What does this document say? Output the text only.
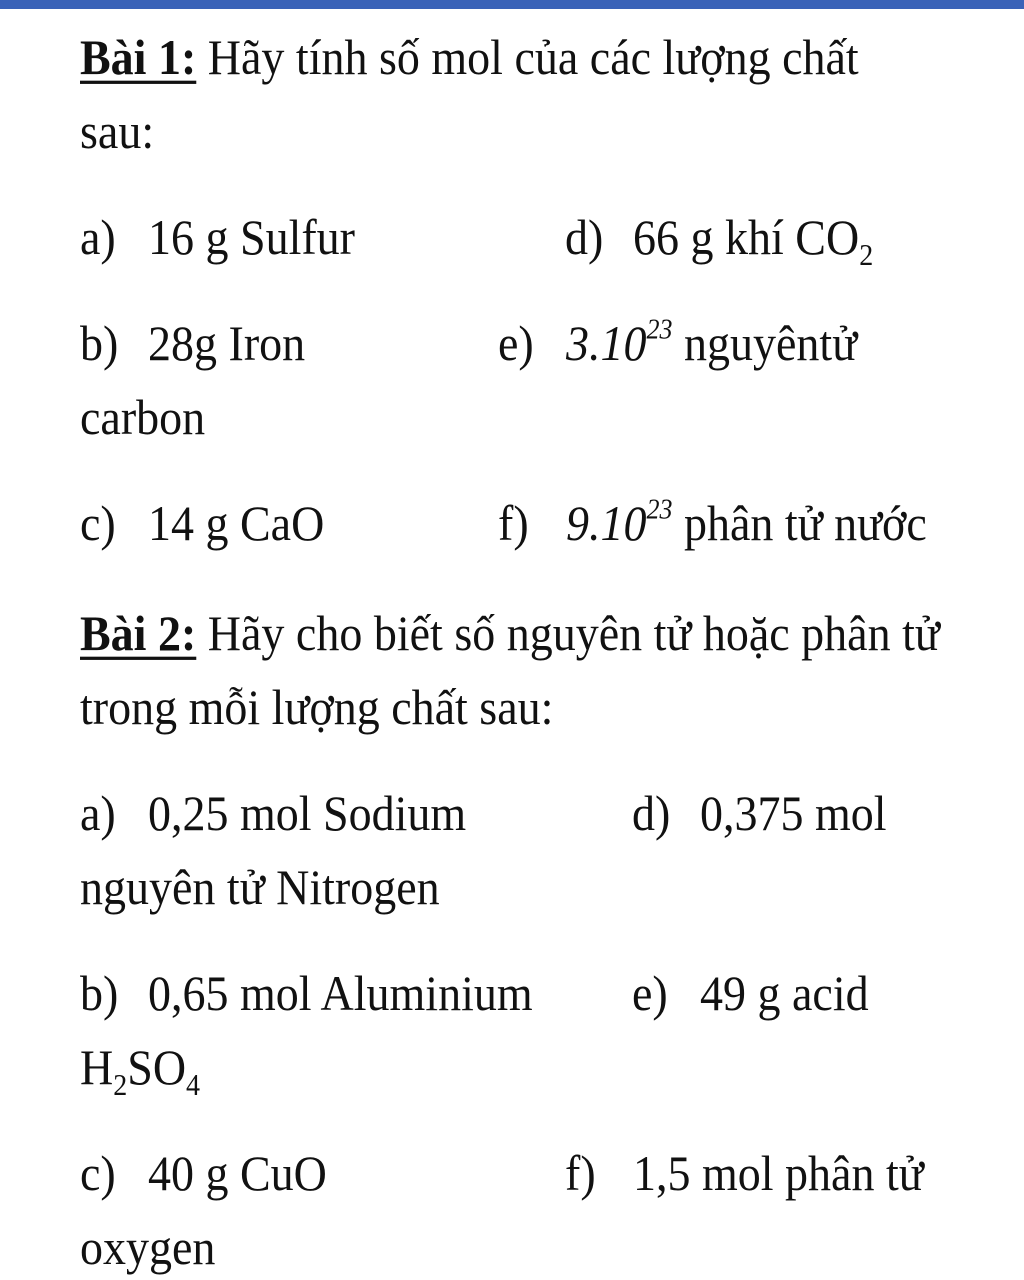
Bài 1: Hãy tính số mol của các lượng chất
sau:
a) 16 g Sulfur	d) 66 g khí $CO_2$
b) 28g Iron	e) 3.10$^{23}$ nguyêntử
carbon
c) 14 g CaO	f) 9.10$^{23}$ phân tử nước
Bài 2: Hãy cho biết số nguyên tử hoặc phân tử
trong mỗi lượng chất sau:
a) 0,25 mol Sodium	d) 0,375 mol
nguyên tử Nitrogen
b) 0,65 mol Aluminium e) 49 g acid
$H_2SO_4$
c) 40 g CuO	f) 1,5 mol phân tử
oxygen
